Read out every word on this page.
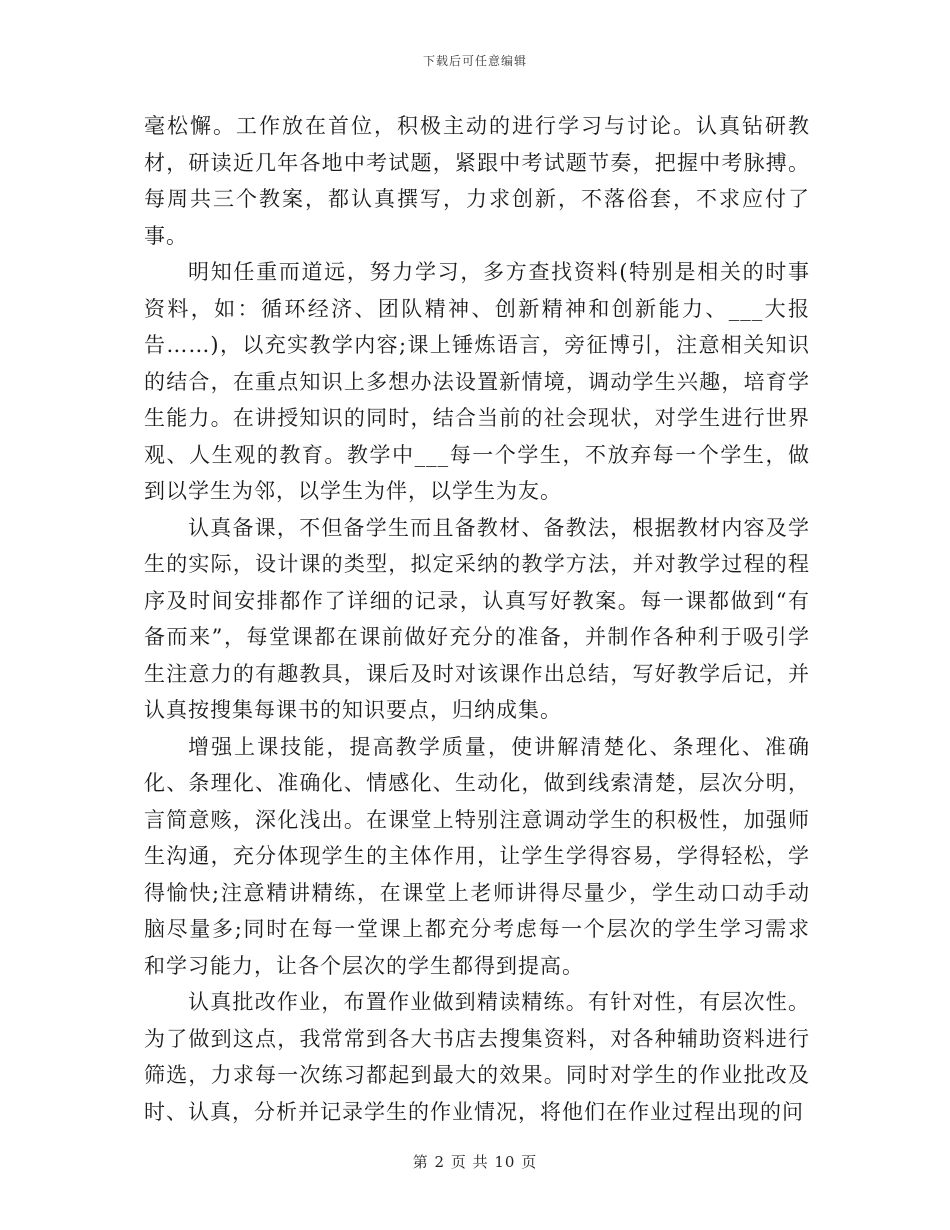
下载后可任意编辑

毫松懈。工作放在首位，积极主动的进行学习与讨论。认真钻研教材，研读近几年各地中考试题，紧跟中考试题节奏，把握中考脉搏。每周共三个教案，都认真撰写，力求创新，不落俗套，不求应付了事。

明知任重而道远，努力学习，多方查找资料(特别是相关的时事资料，如：循环经济、团队精神、创新精神和创新能力、___大报告……)，以充实教学内容;课上锤炼语言，旁征博引，注意相关知识的结合，在重点知识上多想办法设置新情境，调动学生兴趣，培育学生能力。在讲授知识的同时，结合当前的社会现状，对学生进行世界观、人生观的教育。教学中___每一个学生，不放弃每一个学生，做到以学生为邻，以学生为伴，以学生为友。

认真备课，不但备学生而且备教材、备教法，根据教材内容及学生的实际，设计课的类型，拟定采纳的教学方法，并对教学过程的程序及时间安排都作了详细的记录，认真写好教案。每一课都做到“有备而来”，每堂课都在课前做好充分的准备，并制作各种利于吸引学生注意力的有趣教具，课后及时对该课作出总结，写好教学后记，并认真按搜集每课书的知识要点，归纳成集。

增强上课技能，提高教学质量，使讲解清楚化、条理化、准确化、条理化、准确化、情感化、生动化，做到线索清楚，层次分明，言简意赅，深化浅出。在课堂上特别注意调动学生的积极性，加强师生沟通，充分体现学生的主体作用，让学生学得容易，学得轻松，学得愉快;注意精讲精练，在课堂上老师讲得尽量少，学生动口动手动脑尽量多;同时在每一堂课上都充分考虑每一个层次的学生学习需求和学习能力，让各个层次的学生都得到提高。

认真批改作业，布置作业做到精读精练。有针对性，有层次性。为了做到这点，我常常到各大书店去搜集资料，对各种辅助资料进行筛选，力求每一次练习都起到最大的效果。同时对学生的作业批改及时、认真，分析并记录学生的作业情况，将他们在作业过程出现的问

第 2 页 共 10 页
